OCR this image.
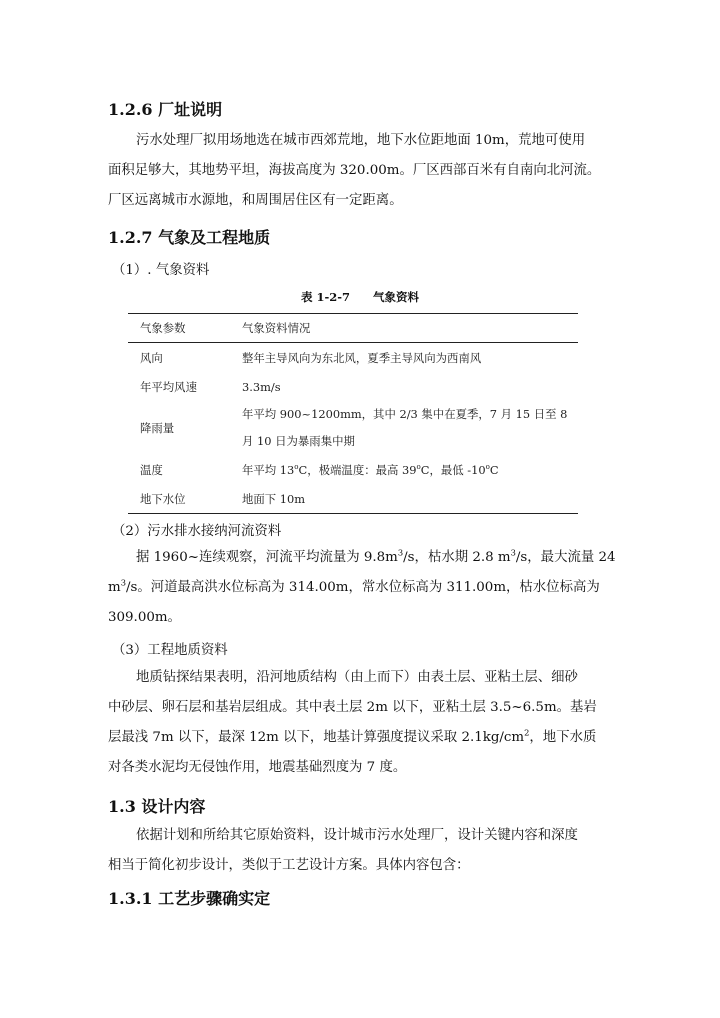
1.2.6 厂址说明
污水处理厂拟用场地选在城市西郊荒地，地下水位距地面 10m，荒地可使用
面积足够大，其地势平坦，海拔高度为 320.00m。厂区西部百米有自南向北河流。
厂区远离城市水源地，和周围居住区有一定距离。
1.2.7 气象及工程地质
（1）. 气象资料
表 1-2-7　　气象资料
气象参数	气象资料情况
风向	整年主导风向为东北风，夏季主导风向为西南风
年平均风速	3.3m/s
降雨量	年平均 900~1200mm，其中 2/3 集中在夏季，7 月 15 日至 8
月 10 日为暴雨集中期
温度	年平均 13$^o$C，极端温度：最高 39$^o$C，最低 -10$^o$C
地下水位	地面下 10m
（2）污水排水接纳河流资料
据 1960~连续观察，河流平均流量为 $9.8m^3/s$，枯水期 2.8 $m^3/s$，最大流量 24
$m^3/s$。河道最高洪水位标高为 314.00m，常水位标高为 311.00m，枯水位标高为
309.00m。
（3）工程地质资料
地质钻探结果表明，沿河地质结构（由上而下）由表土层、亚粘土层、细砂
中砂层、卵石层和基岩层组成。其中表土层 2m 以下，亚粘土层 3.5~6.5m。基岩
层最浅 7m 以下，最深 12m 以下，地基计算强度提议采取 $2.1kg/cm^2$，地下水质
对各类水泥均无侵蚀作用，地震基础烈度为 7 度。
1.3 设计内容
依据计划和所给其它原始资料，设计城市污水处理厂，设计关键内容和深度
相当于简化初步设计，类似于工艺设计方案。具体内容包含：
1.3.1 工艺步骤确实定
